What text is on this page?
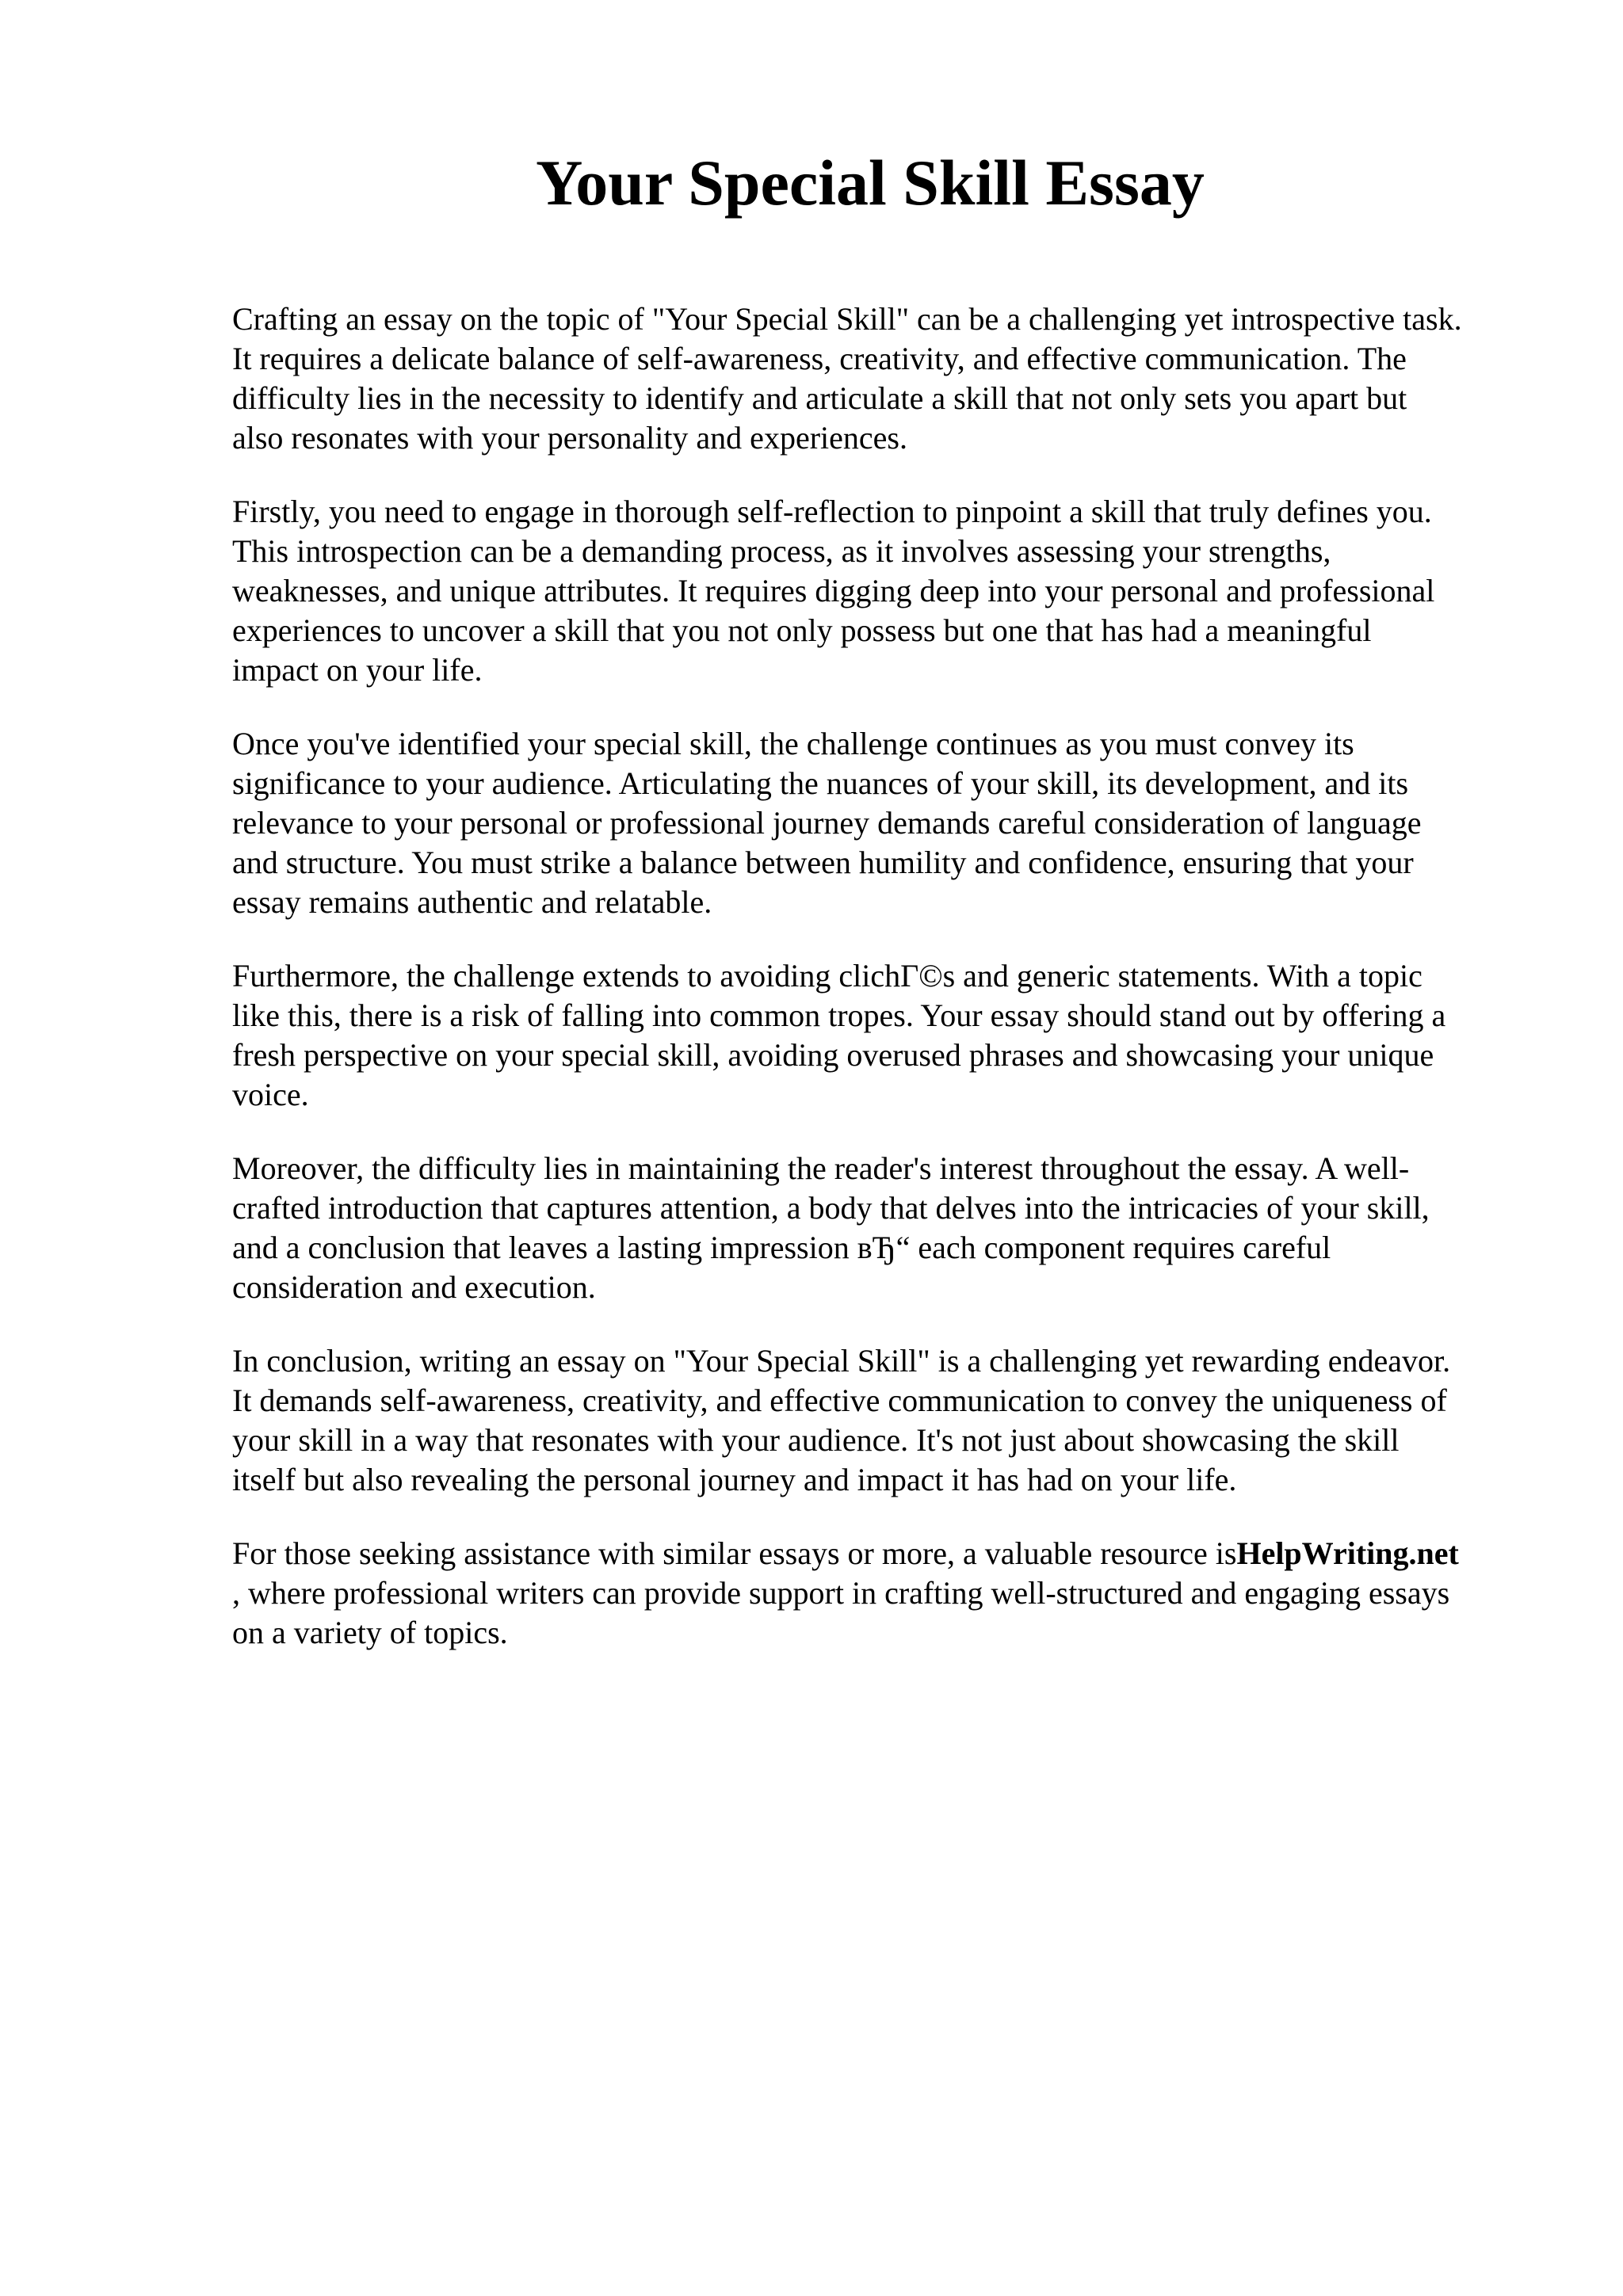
Your Special Skill Essay

Crafting an essay on the topic of "Your Special Skill" can be a challenging yet introspective task.
It requires a delicate balance of self-awareness, creativity, and effective communication. The
difficulty lies in the necessity to identify and articulate a skill that not only sets you apart but
also resonates with your personality and experiences.

Firstly, you need to engage in thorough self-reflection to pinpoint a skill that truly defines you.
This introspection can be a demanding process, as it involves assessing your strengths,
weaknesses, and unique attributes. It requires digging deep into your personal and professional
experiences to uncover a skill that you not only possess but one that has had a meaningful
impact on your life.

Once you've identified your special skill, the challenge continues as you must convey its
significance to your audience. Articulating the nuances of your skill, its development, and its
relevance to your personal or professional journey demands careful consideration of language
and structure. You must strike a balance between humility and confidence, ensuring that your
essay remains authentic and relatable.

Furthermore, the challenge extends to avoiding clichГ©s and generic statements. With a topic
like this, there is a risk of falling into common tropes. Your essay should stand out by offering a
fresh perspective on your special skill, avoiding overused phrases and showcasing your unique
voice.

Moreover, the difficulty lies in maintaining the reader's interest throughout the essay. A well-
crafted introduction that captures attention, a body that delves into the intricacies of your skill,
and a conclusion that leaves a lasting impression вЂ“ each component requires careful
consideration and execution.

In conclusion, writing an essay on "Your Special Skill" is a challenging yet rewarding endeavor.
It demands self-awareness, creativity, and effective communication to convey the uniqueness of
your skill in a way that resonates with your audience. It's not just about showcasing the skill
itself but also revealing the personal journey and impact it has had on your life.

For those seeking assistance with similar essays or more, a valuable resource isHelpWriting.net
, where professional writers can provide support in crafting well-structured and engaging essays
on a variety of topics.
